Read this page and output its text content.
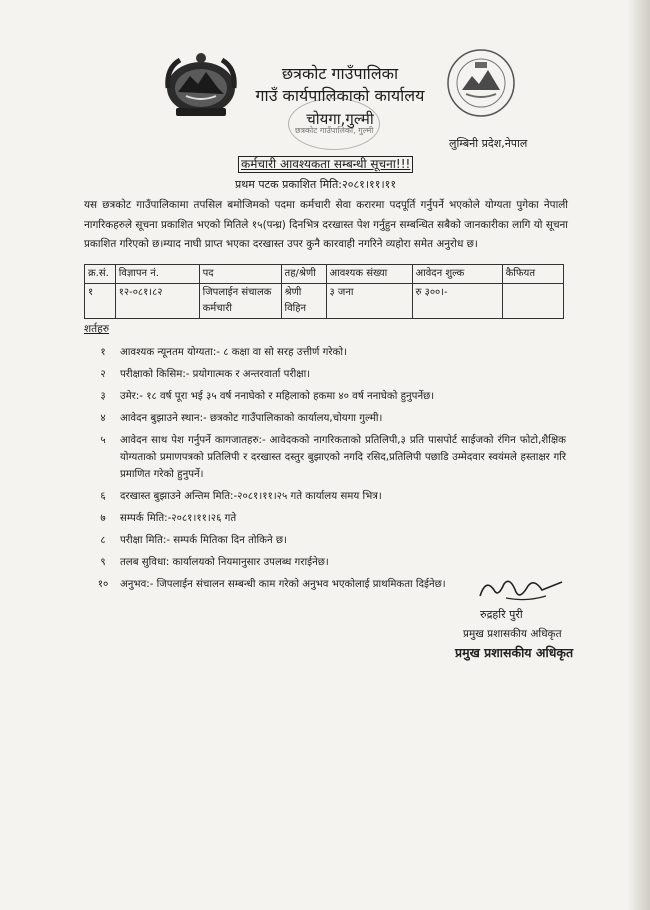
छत्रकोट गाउँपालिका
गाउँ कार्यपालिकाको कार्यालय
चोयगा,गुल्मी
छत्रकोट गाउँपालिका, गुल्मी
लुम्बिनी प्रदेश,नेपाल
कर्मचारी आवश्यकता सम्बन्धी सूचना!!!
प्रथम पटक प्रकाशित मिति:२०८१।११।११
यस छत्रकोट गाउँपालिकामा तपसिल बमोजिमको पदमा कर्मचारी सेवा करारमा पदपूर्ति गर्नुपर्ने भएकोले योग्यता पुगेका नेपाली नागरिकहरुले सूचना प्रकाशित भएको मितिले १५(पन्ध्र) दिनभित्र दरखास्त पेश गर्नुहुन सम्बन्धित सबैको जानकारीका लागि यो सूचना प्रकाशित गरिएको छ।म्याद नाघी प्राप्त भएका दरखास्त उपर कुनै कारवाही नगरिने व्यहोरा समेत अनुरोध छ।
क्र.सं.	विज्ञापन नं.	पद	तह/श्रेणी	आवश्यक संख्या	आवेदन शुल्क	कैफियत
१	१२-०८१।८२	जिपलाईन संचालक कर्मचारी	श्रेणी विहिन	३ जना	रु ३००।-	
शर्तहरु
१	आवश्यक न्यूनतम योग्यता:- ८ कक्षा वा सो सरह उत्तीर्ण गरेको।
२	परीक्षाको किसिम:- प्रयोगात्मक र अन्तरवार्ता परीक्षा।
३	उमेर:- १८ वर्ष पूरा भई ३५ वर्ष ननाघेको र महिलाको हकमा ४० वर्ष ननाघेको हुनुपर्नेछ।
४	आवेदन बुझाउने स्थान:- छत्रकोट गाउँपालिकाको कार्यालय,चोयगा गुल्मी।
५	आवेदन साथ पेश गर्नुपर्ने कागजातहरु:- आवेदकको नागरिकताको प्रतिलिपी,३ प्रति पासपोर्ट साईजको रंगिन फोटो,शैक्षिक योग्यताको प्रमाणपत्रको प्रतिलिपी र दरखास्त दस्तुर बुझाएको नगदि रसिद,प्रतिलिपी पछाडि उम्मेदवार स्वयंमले हस्ताक्षर गरि प्रमाणित गरेको हुनुपर्ने।
६	दरखास्त बुझाउने अन्तिम मिति:-२०८१।११।२५ गते कार्यालय समय भित्र।
७	सम्पर्क मिति:-२०८१।११।२६ गते
८	परीक्षा मिति:- सम्पर्क मितिका दिन तोकिने छ।
९	तलब सुविधा: कार्यालयको नियमानुसार उपलब्ध गराईनेछ।
१०	अनुभव:- जिपलाईन संचालन सम्बन्धी काम गरेको अनुभव भएकोलाई प्राथमिकता दिईनेछ।
रुद्रहरि पुरी
प्रमुख प्रशासकीय अधिकृत
प्रमुख प्रशासकीय अधिकृत
